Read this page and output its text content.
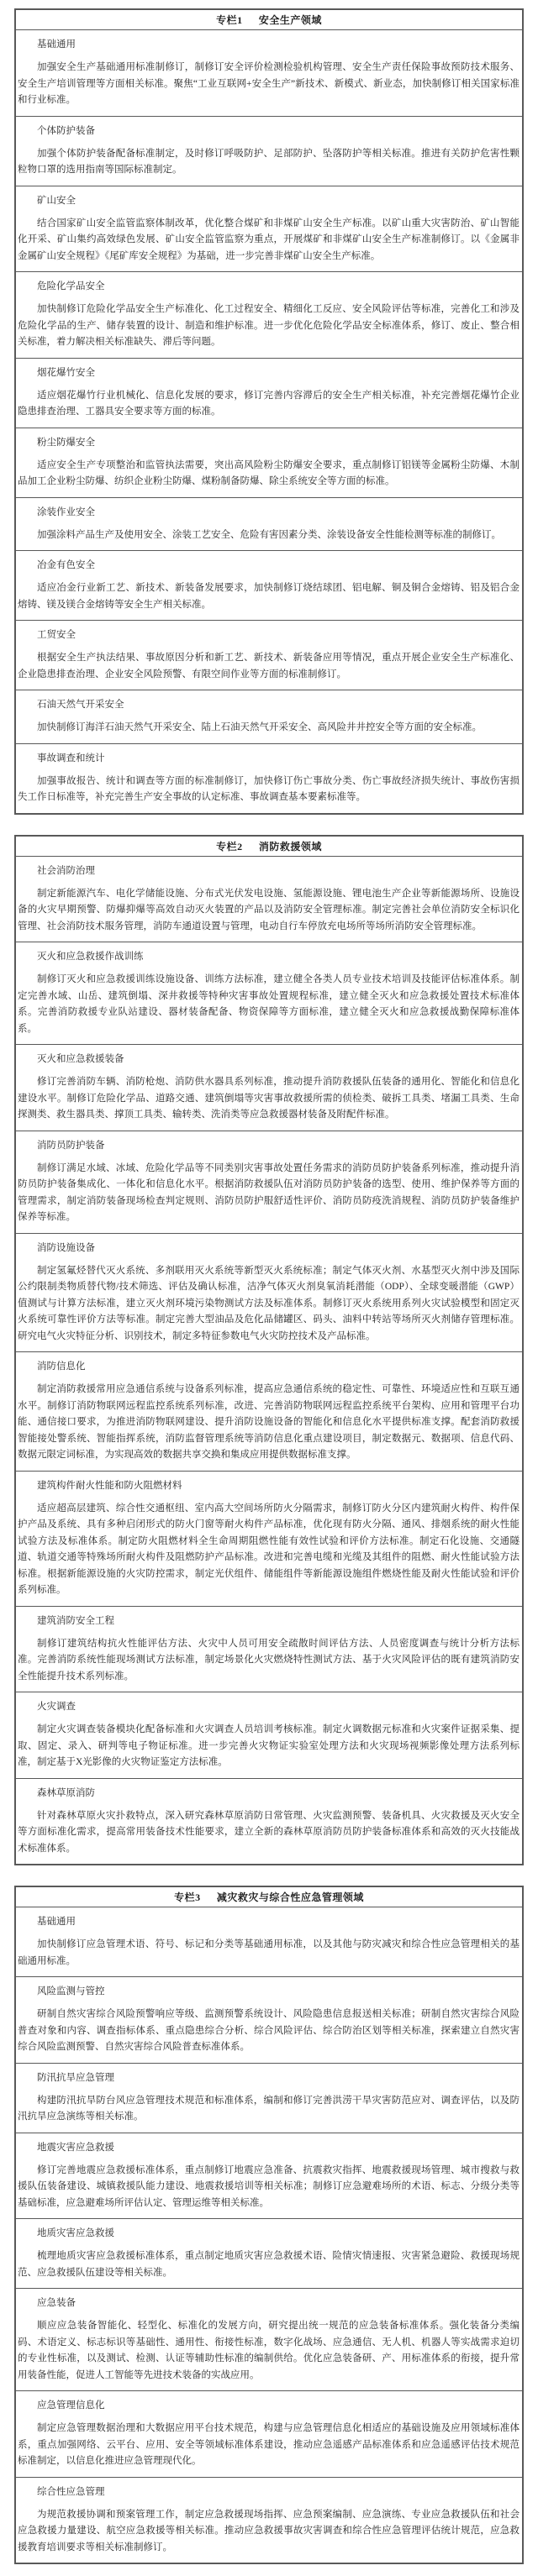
专栏1 安全生产领域
基础通用

加强安全生产基础通用标准制修订，制修订安全评价检测检验机构管理、安全生产责任保险事故预防技术服务、安全生产培训管理等方面相关标准。聚焦“工业互联网+安全生产”新技术、新模式、新业态，加快制修订相关国家标准和行业标准。

个体防护装备

加强个体防护装备配备标准制定，及时修订呼吸防护、足部防护、坠落防护等相关标准。推进有关防护危害性颗粒物口罩的选用指南等国际标准制定。

矿山安全

结合国家矿山安全监管监察体制改革，优化整合煤矿和非煤矿山安全生产标准。以矿山重大灾害防治、矿山智能化开采、矿山集约高效绿色发展、矿山安全监管监察为重点，开展煤矿和非煤矿山安全生产标准制修订。以《金属非金属矿山安全规程》《尾矿库安全规程》为基础，进一步完善非煤矿山安全生产标准。

危险化学品安全

加快制修订危险化学品安全生产标准化、化工过程安全、精细化工反应、安全风险评估等标准，完善化工和涉及危险化学品的生产、储存装置的设计、制造和维护标准。进一步优化危险化学品安全标准体系，修订、废止、整合相关标准，着力解决相关标准缺失、滞后等问题。

烟花爆竹安全

适应烟花爆竹行业机械化、信息化发展的要求，修订完善内容滞后的安全生产相关标准，补充完善烟花爆竹企业隐患排查治理、工器具安全要求等方面的标准。

粉尘防爆安全

适应安全生产专项整治和监管执法需要，突出高风险粉尘防爆安全要求，重点制修订铝镁等金属粉尘防爆、木制品加工企业粉尘防爆、纺织企业粉尘防爆、煤粉制备防爆、除尘系统安全等方面的标准。

涂装作业安全

加强涂料产品生产及使用安全、涂装工艺安全、危险有害因素分类、涂装设备安全性能检测等标准的制修订。

冶金有色安全

适应冶金行业新工艺、新技术、新装备发展要求，加快制修订烧结球团、铝电解、铜及铜合金熔铸、铝及铝合金熔铸、镁及镁合金熔铸等安全生产相关标准。

工贸安全

根据安全生产执法结果、事故原因分析和新工艺、新技术、新装备应用等情况，重点开展企业安全生产标准化、企业隐患排查治理、企业安全风险预警、有限空间作业等方面的标准制修订。

石油天然气开采安全

加快制修订海洋石油天然气开采安全、陆上石油天然气开采安全、高风险井井控安全等方面的安全标准。

事故调查和统计

加强事故报告、统计和调查等方面的标准制修订，加快修订伤亡事故分类、伤亡事故经济损失统计、事故伤害损失工作日标准等，补充完善生产安全事故的认定标准、事故调查基本要素标准等。

专栏2 消防救援领域
社会消防治理

制定新能源汽车、电化学储能设施、分布式光伏发电设施、氢能源设施、锂电池生产企业等新能源场所、设施设备的火灾早期预警、防爆抑爆等高效自动灭火装置的产品以及消防安全管理标准。制定完善社会单位消防安全标识化管理、社会消防技术服务管理，消防车通道设置与管理，电动自行车停放充电场所等场所消防安全管理标准。

灭火和应急救援作战训练

制修订灭火和应急救援训练设施设备、训练方法标准，建立健全各类人员专业技术培训及技能评估标准体系。制定完善水域、山岳、建筑倒塌、深井救援等特种灾害事故处置规程标准，建立健全灭火和应急救援处置技术标准体系。完善消防救援专业队站建设、器材装备配备、物资保障等方面标准，建立健全灭火和应急救援战勤保障标准体系。

灭火和应急救援装备

修订完善消防车辆、消防枪炮、消防供水器具系列标准，推动提升消防救援队伍装备的通用化、智能化和信息化建设水平。制修订危险化学品、道路交通、建筑倒塌等灾害事故救援所需的侦检类、破拆工具类、堵漏工具类、生命探测类、救生器具类、撑顶工具类、输转类、洗消类等应急救援器材装备及附配件标准。

消防员防护装备

制修订满足水域、冰域、危险化学品等不同类别灾害事故处置任务需求的消防员防护装备系列标准，推动提升消防员防护装备集成化、一体化和信息化水平。根据消防救援队伍对消防员防护装备的选型、使用、维护保养等方面的管理需求，制定消防装备现场检查判定规则、消防员防护服舒适性评价、消防员防疫洗消规程、消防员防护装备维护保养等标准。

消防设施设备

制定氢氟烃替代灭火系统、多剂联用灭火系统等新型灭火系统标准；制定气体灭火剂、水基型灭火剂中涉及国际公约限制类物质替代物/技术筛选、评估及确认标准，洁净气体灭火剂臭氧消耗潜能（ODP）、全球变暖潜能（GWP）值测试与计算方法标准，建立灭火剂环境污染物测试方法及标准体系。制修订灭火系统用系列火灾试验模型和固定灭火系统可靠性评价方法等标准。制定完善大型油品及危化品储罐区、码头、油料中转站等场所灭火剂储存管理标准。研究电气火灾特征分析、识别技术，制定多特征参数电气火灾防控技术及产品标准。

消防信息化

制定消防救援常用应急通信系统与设备系列标准，提高应急通信系统的稳定性、可靠性、环境适应性和互联互通水平。制修订消防物联网远程监控系统系列标准，改进、完善消防物联网远程监控系统平台架构、应用和管理平台功能、通信接口要求，为推进消防物联网建设、提升消防设施设备的智能化和信息化水平提供标准支撑。配套消防救援智能接处警系统、智能指挥系统，消防监督管理系统等消防信息化重点建设项目，制定数据元、数据项、信息代码、数据元限定词标准，为实现高效的数据共享交换和集成应用提供数据标准支撑。

建筑构件耐火性能和防火阻燃材料

适应超高层建筑、综合性交通枢纽、室内高大空间场所防火分隔需求，制修订防火分区内建筑耐火构件、构件保护产品及系统、具有多种启闭形式的防火门窗等耐火构件产品标准，优化现有防火分隔、通风、排烟系统的耐火性能试验方法及标准体系。制定防火阻燃材料全生命周期阻燃性能有效性试验和评价方法标准。制定石化设施、交通隧道、轨道交通等特殊场所耐火构件及阻燃防护产品标准。改进和完善电缆和光缆及其组件的阻燃、耐火性能试验方法标准。根据新能源设施的火灾防控需求，制定光伏组件、储能组件等新能源设施组件燃烧性能及耐火性能试验和评价系列标准。

建筑消防安全工程

制修订建筑结构抗火性能评估方法、火灾中人员可用安全疏散时间评估方法、人员密度调查与统计分析方法标准。完善消防系统性能现场测试方法标准，制定场景化火灾燃烧特性测试方法、基于火灾风险评估的既有建筑消防安全性能提升技术系列标准。

火灾调查

制定火灾调查装备模块化配备标准和火灾调查人员培训考核标准。制定火调数据元标准和火灾案件证据采集、提取、固定、录入、研判等电子物证标准。进一步完善火灾物证实验室处理方法和火灾现场视频影像处理方法系列标准，制定基于X光影像的火灾物证鉴定方法标准。

森林草原消防

针对森林草原火灾扑救特点，深入研究森林草原消防日常管理、火灾监测预警、装备机具、火灾救援及灭火安全等方面标准化需求，提高常用装备技术性能要求，建立全新的森林草原消防员防护装备标准体系和高效的灭火技能战术标准体系。

专栏3 减灾救灾与综合性应急管理领域
基础通用

加快制修订应急管理术语、符号、标记和分类等基础通用标准，以及其他与防灾减灾和综合性应急管理相关的基础通用标准。

风险监测与管控

研制自然灾害综合风险预警响应等级、监测预警系统设计、风险隐患信息报送相关标准；研制自然灾害综合风险普查对象和内容、调查指标体系、重点隐患综合分析、综合风险评估、综合防治区划等相关标准，探索建立自然灾害综合风险监测预警、自然灾害综合风险普查标准体系。

防汛抗旱应急管理

构建防汛抗旱防台风应急管理技术规范和标准体系，编制和修订完善洪涝干旱灾害防范应对、调查评估，以及防汛抗旱应急演练等相关标准。

地震灾害应急救援

修订完善地震应急救援标准体系，重点制修订地震应急准备、抗震救灾指挥、地震救援现场管理、城市搜救与救援队伍装备建设、城镇救援队能力建设、地震救援培训等相关标准；制修订应急避难场所的术语、标志、分级分类等基础标准，应急避难场所评估认定、管理运维等相关标准。

地质灾害应急救援

梳理地质灾害应急救援标准体系，重点制定地质灾害应急救援术语、险情灾情速报、灾害紧急避险、救援现场规范、应急救援队伍建设等相关标准。

应急装备

顺应应急装备智能化、轻型化、标准化的发展方向，研究提出统一规范的应急装备标准体系。强化装备分类编码、术语定义、标志标识等基础性、通用性、衔接性标准，数字化战场、应急通信、无人机、机器人等实战需求迫切的专业性标准，以及测试、检测、认证等辅助性标准的编制供给。优化应急装备研、产、用标准体系的衔接，提升常用装备性能，促进人工智能等先进技术装备的实战应用。

应急管理信息化

制定应急管理数据治理和大数据应用平台技术规范，构建与应急管理信息化相适应的基础设施及应用领域标准体系，重点加强网络、云平台、应用、安全等领域标准体系建设，推动应急遥感产品标准体系和应急遥感评估技术规范标准制定，以信息化推进应急管理现代化。

综合性应急管理

为规范救援协调和预案管理工作，制定应急救援现场指挥、应急预案编制、应急演练、专业应急救援队伍和社会应急救援力量建设、航空应急救援等相关标准。推动应急救援事故灾害调查和综合性应急管理评估统计规范，应急救援教育培训要求等相关标准制修订。
